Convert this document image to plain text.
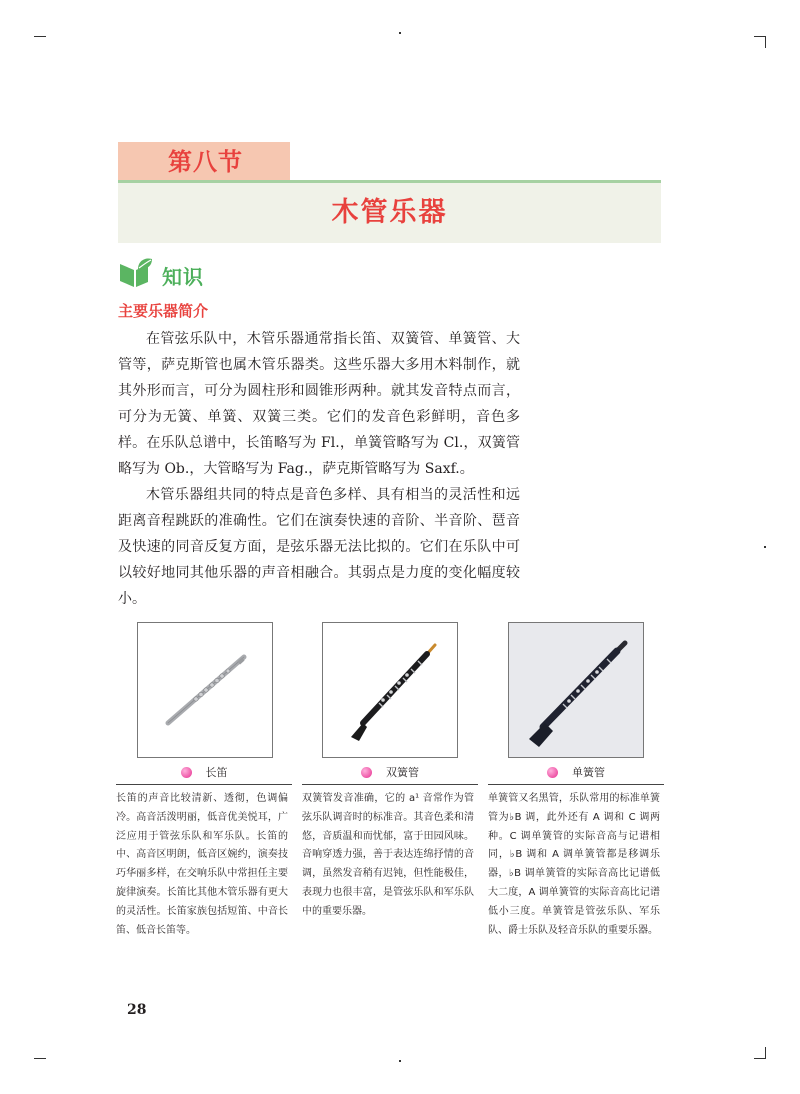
第八节
木管乐器
知识
主要乐器简介

在管弦乐队中，木管乐器通常指长笛、双簧管、单簧管、大管等，萨克斯管也属木管乐器类。这些乐器大多用木料制作，就其外形而言，可分为圆柱形和圆锥形两种。就其发音特点而言，可分为无簧、单簧、双簧三类。它们的发音色彩鲜明，音色多样。在乐队总谱中，长笛略写为 Fl.，单簧管略写为 Cl.，双簧管略写为 Ob.，大管略写为 Fag.，萨克斯管略写为 Saxf.。

木管乐器组共同的特点是音色多样、具有相当的灵活性和远距离音程跳跃的准确性。它们在演奏快速的音阶、半音阶、琶音及快速的同音反复方面，是弦乐器无法比拟的。它们在乐队中可以较好地同其他乐器的声音相融合。其弱点是力度的变化幅度较小。

长笛
长笛的声音比较清新、透彻，色调偏冷。高音活泼明丽，低音优美悦耳，广泛应用于管弦乐队和军乐队。长笛的中、高音区明朗，低音区婉约，演奏技巧华丽多样，在交响乐队中常担任主要旋律演奏。长笛比其他木管乐器有更大的灵活性。长笛家族包括短笛、中音长笛、低音长笛等。
双簧管
双簧管发音准确，它的 a¹ 音常作为管弦乐队调音时的标准音。其音色柔和清悠，音质温和而忧郁，富于田园风味。音响穿透力强，善于表达连绵抒情的音调，虽然发音稍有迟钝，但性能极佳，表现力也很丰富，是管弦乐队和军乐队中的重要乐器。
单簧管
单簧管又名黑管，乐队常用的标准单簧管为♭B 调，此外还有 A 调和 C 调两种。C 调单簧管的实际音高与记谱相同，♭B 调和 A 调单簧管都是移调乐器，♭B 调单簧管的实际音高比记谱低大二度，A 调单簧管的实际音高比记谱低小三度。单簧管是管弦乐队、军乐队、爵士乐队及轻音乐队的重要乐器。
28
